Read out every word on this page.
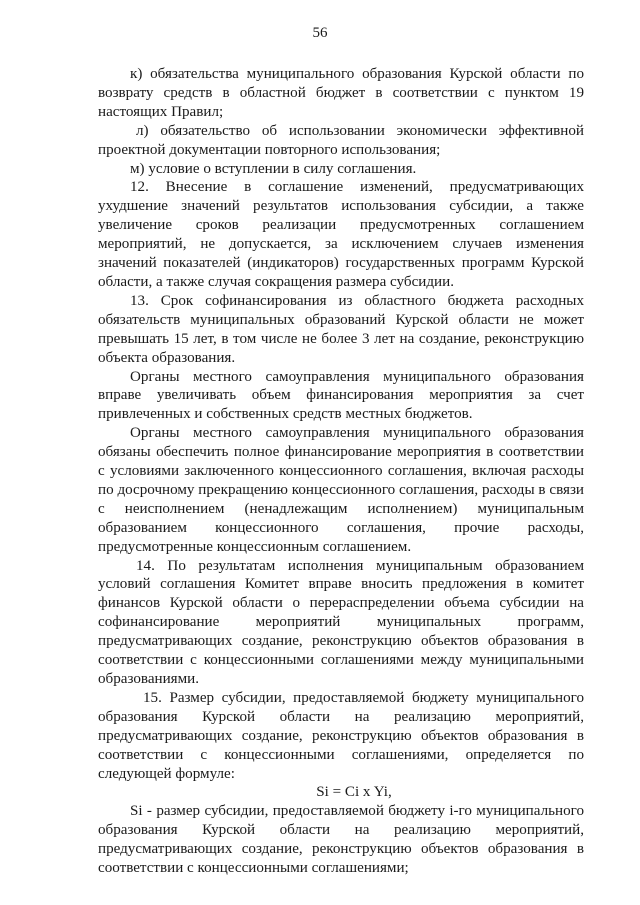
56

к) обязательства муниципального образования Курской области по возврату средств в областной бюджет в соответствии с пунктом 19 настоящих Правил;

л) обязательство об использовании экономически эффективной проектной документации повторного использования;

м) условие о вступлении в силу соглашения.

12. Внесение в соглашение изменений, предусматривающих ухудшение значений результатов использования субсидии, а также увеличение сроков реализации предусмотренных соглашением мероприятий, не допускается, за исключением случаев изменения значений показателей (индикаторов) государственных программ Курской области, а также случая сокращения размера субсидии.

13. Срок софинансирования из областного бюджета расходных обязательств муниципальных образований Курской области не может превышать 15 лет, в том числе не более 3 лет на создание, реконструкцию объекта образования.

Органы местного самоуправления муниципального образования вправе увеличивать объем финансирования мероприятия за счет привлеченных и собственных средств местных бюджетов.

Органы местного самоуправления муниципального образования обязаны обеспечить полное финансирование мероприятия в соответствии с условиями заключенного концессионного соглашения, включая расходы по досрочному прекращению концессионного соглашения, расходы в связи с неисполнением (ненадлежащим исполнением) муниципальным образованием концессионного соглашения, прочие расходы, предусмотренные концессионным соглашением.

14. По результатам исполнения муниципальным образованием условий соглашения Комитет вправе вносить предложения в комитет финансов Курской области о перераспределении объема субсидии на софинансирование мероприятий муниципальных программ, предусматривающих создание, реконструкцию объектов образования в соответствии с концессионными соглашениями между муниципальными образованиями.

15. Размер субсидии, предоставляемой бюджету муниципального образования Курской области на реализацию мероприятий, предусматривающих создание, реконструкцию объектов образования в соответствии с концессионными соглашениями, определяется по следующей формуле:

Si = Ci x Yi,

Si - размер субсидии, предоставляемой бюджету i-го муниципального образования Курской области на реализацию мероприятий, предусматривающих создание, реконструкцию объектов образования в соответствии с концессионными соглашениями;
